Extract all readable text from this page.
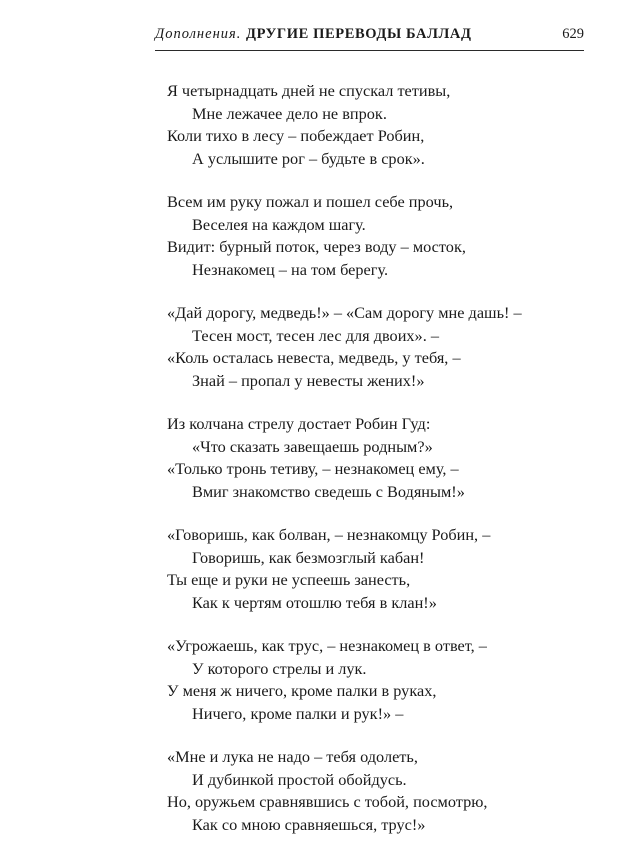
Дополнения. ДРУГИЕ ПЕРЕВОДЫ БАЛЛАД	629
Я четырнадцать дней не спускал тетивы,
Мне лежачее дело не впрок.
Коли тихо в лесу – побеждает Робин,
А услышите рог – будьте в срок».
Всем им руку пожал и пошел себе прочь,
Веселея на каждом шагу.
Видит: бурный поток, через воду – мосток,
Незнакомец – на том берегу.
«Дай дорогу, медведь!» – «Сам дорогу мне дашь! –
Тесен мост, тесен лес для двоих». –
«Коль осталась невеста, медведь, у тебя, –
Знай – пропал у невесты жених!»
Из колчана стрелу достает Робин Гуд:
«Что сказать завещаешь родным?»
«Только тронь тетиву, – незнакомец ему, –
Вмиг знакомство сведешь с Водяным!»
«Говоришь, как болван, – незнакомцу Робин, –
Говоришь, как безмозглый кабан!
Ты еще и руки не успеешь занесть,
Как к чертям отошлю тебя в клан!»
«Угрожаешь, как трус, – незнакомец в ответ, –
У которого стрелы и лук.
У меня ж ничего, кроме палки в руках,
Ничего, кроме палки и рук!» –
«Мне и лука не надо – тебя одолеть,
И дубинкой простой обойдусь.
Но, оружьем сравнявшись с тобой, посмотрю,
Как со мною сравняешься, трус!»
